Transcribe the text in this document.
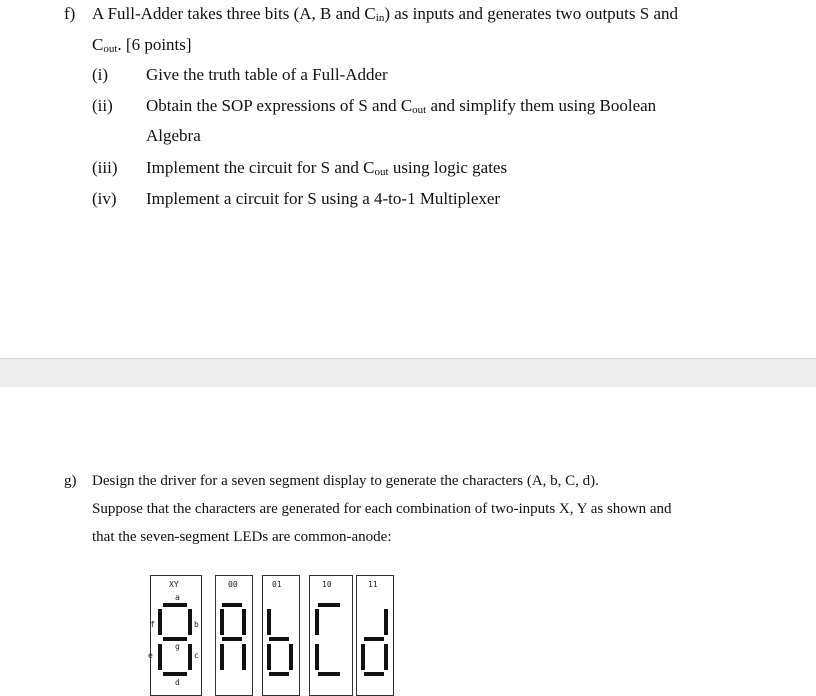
f) A Full-Adder takes three bits (A, B and $C_{in}$) as inputs and generates two outputs S and
$C_{out}$. [6 points]
(i) Give the truth table of a Full-Adder
(ii) Obtain the SOP expressions of S and $C_{out}$ and simplify them using Boolean
Algebra
(iii) Implement the circuit for S and $C_{out}$ using logic gates
(iv) Implement a circuit for S using a 4-to-1 Multiplexer
g) Design the driver for a seven segment display to generate the characters (A, b, C, d).
Suppose that the characters are generated for each combination of two-inputs X, Y as shown and
that the seven-segment LEDs are common-anode:
XY	00	01	10	11
a
f	b
g
e	c
d
